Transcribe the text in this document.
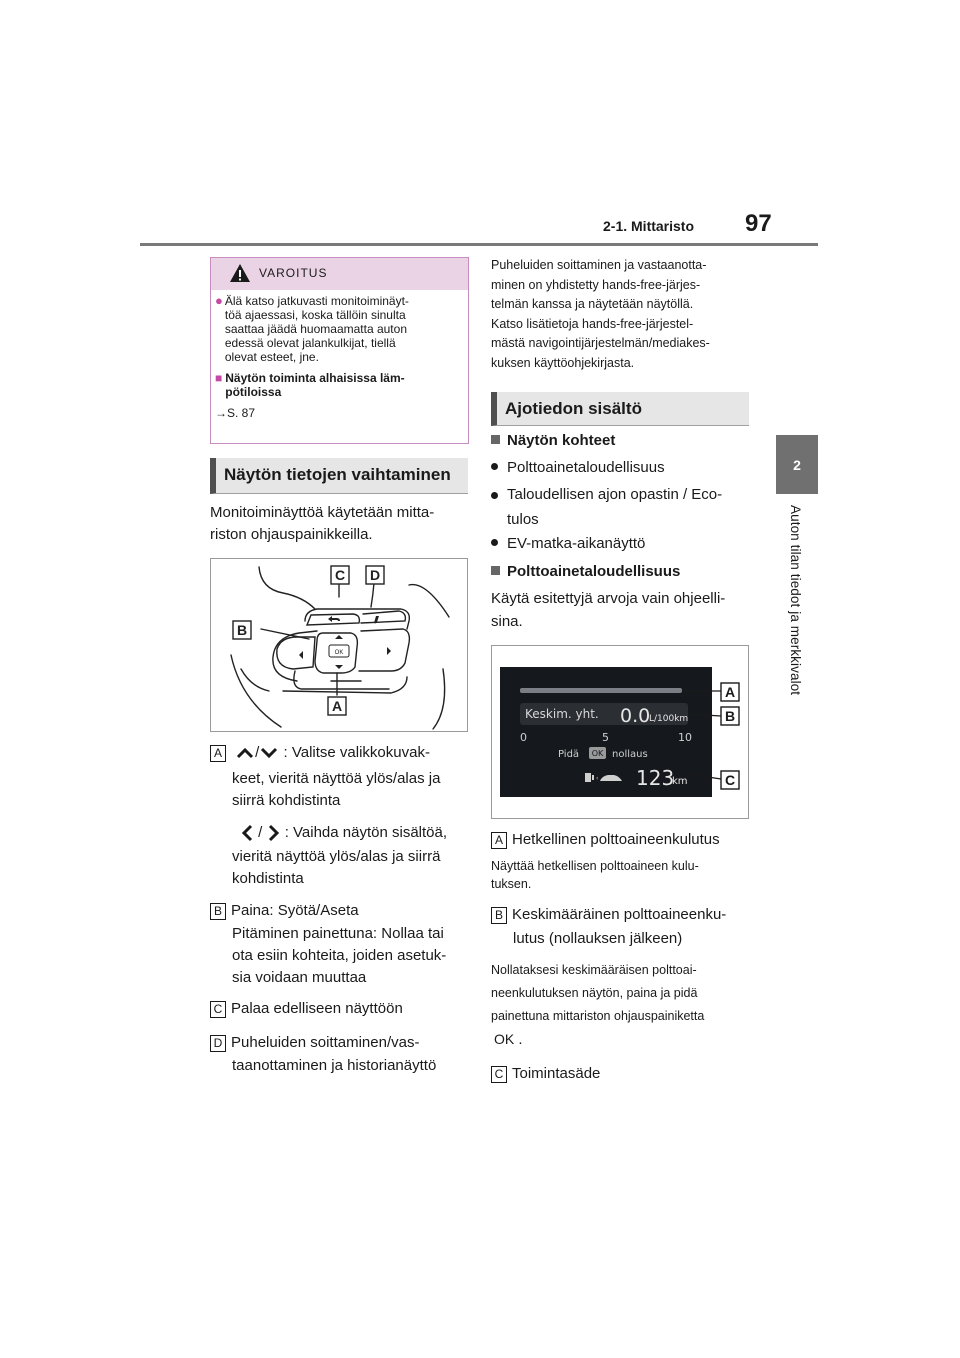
2-1. Mittaristo 97
2
Auton tilan tiedot ja merkkivalot
VAROITUS
● Älä katso jatkuvasti monitoiminäyt-
töä ajaessasi, koska tällöin sinulta
saattaa jäädä huomaamatta auton
edessä olevat jalankulkijat, tiellä
olevat esteet, jne.

■ Näytön toiminta alhaisissa läm-
pötiloissa

→S. 87
Näytön tietojen vaihtaminen
Monitoiminäyttöä käytetään mitta-
riston ohjauspainikkeilla.
OK
C D
B
A
A / : Valitse valikkokuvak-
keet, vieritä näyttöä ylös/alas ja
siirrä kohdistinta
/ : Vaihda näytön sisältöä,
vieritä näyttöä ylös/alas ja siirrä
kohdistinta
B Paina: Syötä/Aseta
Pitäminen painettuna: Nollaa tai
ota esiin kohteita, joiden asetuk-
sia voidaan muuttaa
C Palaa edelliseen näyttöön
D Puheluiden soittaminen/vas-
taanottaminen ja historianäyttö
Puheluiden soittaminen ja vastaanotta-
minen on yhdistetty hands-free-järjes-
telmän kanssa ja näytetään näytöllä.
Katso lisätietoja hands-free-järjestel-
mästä navigointijärjestelmän/mediakes-
kuksen käyttöohjekirjasta.
Ajotiedon sisältö
Näytön kohteet
Polttoainetaloudellisuus
Taloudellisen ajon opastin / Eco-
tulos
EV-matka-aikanäyttö
Polttoainetaloudellisuus
Käytä esitettyjä arvoja vain ohjeelli-
sina.
Keskim. yht. 0.0
L/100km
0	5	10
Pidä OK nollaus
‹ 123
km
A
B
C
A Hetkellinen polttoaineenkulutus
Näyttää hetkellisen polttoaineen kulu-
tuksen.
B Keskimääräinen polttoaineenku-
lutus (nollauksen jälkeen)
Nollataksesi keskimääräisen polttoai-
neenkulutuksen näytön, paina ja pidä
painettuna mittariston ohjauspainiketta
OK .
C Toimintasäde
